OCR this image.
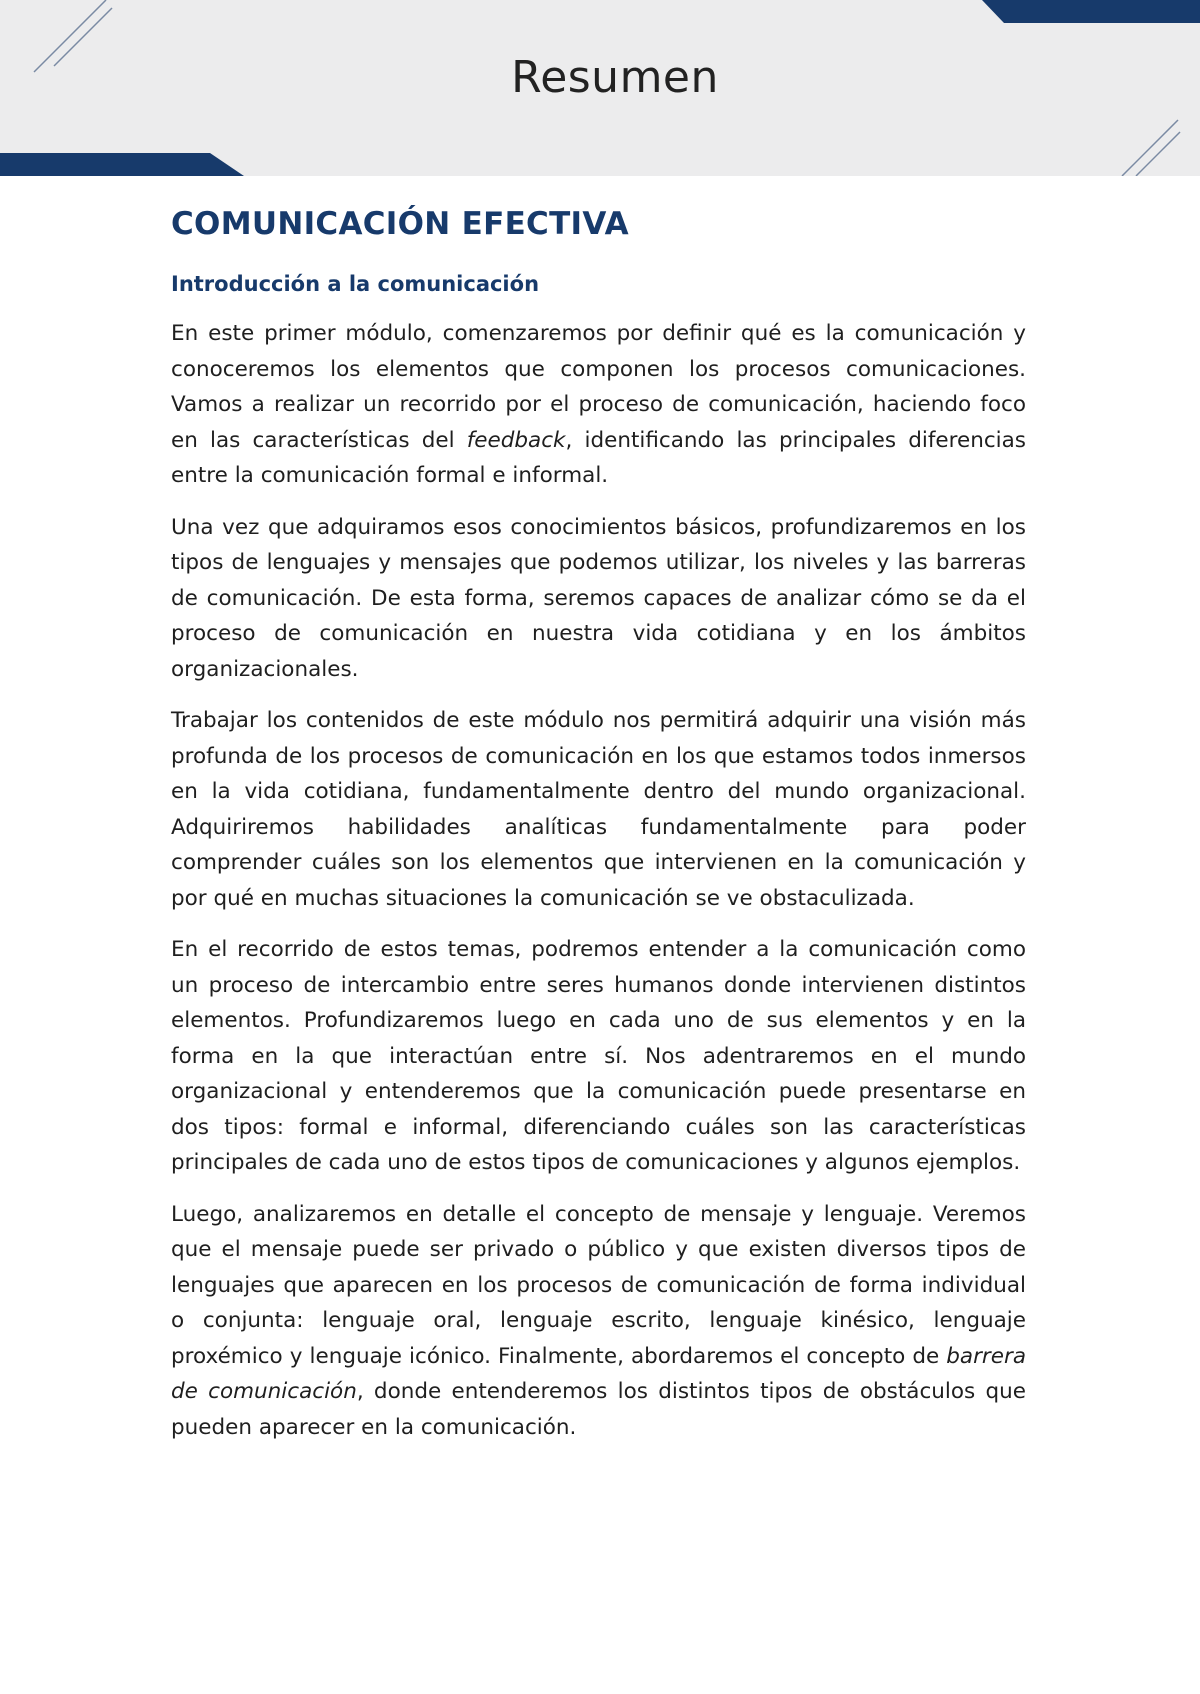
Resumen
COMUNICACIÓN EFECTIVA
Introducción a la comunicación

En este primer módulo, comenzaremos por definir qué es la comunicación y conoceremos los elementos que componen los procesos comunicaciones. Vamos a realizar un recorrido por el proceso de comunicación, haciendo foco en las características del feedback, identificando las principales diferencias entre la comunicación formal e informal.

Una vez que adquiramos esos conocimientos básicos, profundizaremos en los tipos de lenguajes y mensajes que podemos utilizar, los niveles y las barreras de comunicación. De esta forma, seremos capaces de analizar cómo se da el proceso de comunicación en nuestra vida cotidiana y en los ámbitos organizacionales.

Trabajar los contenidos de este módulo nos permitirá adquirir una visión más profunda de los procesos de comunicación en los que estamos todos inmersos en la vida cotidiana, fundamentalmente dentro del mundo organizacional. Adquiriremos habilidades analíticas fundamentalmente para poder comprender cuáles son los elementos que intervienen en la comunicación y por qué en muchas situaciones la comunicación se ve obstaculizada.

En el recorrido de estos temas, podremos entender a la comunicación como un proceso de intercambio entre seres humanos donde intervienen distintos elementos. Profundizaremos luego en cada uno de sus elementos y en la forma en la que interactúan entre sí. Nos adentraremos en el mundo organizacional y entenderemos que la comunicación puede presentarse en dos tipos: formal e informal, diferenciando cuáles son las características principales de cada uno de estos tipos de comunicaciones y algunos ejemplos.

Luego, analizaremos en detalle el concepto de mensaje y lenguaje. Veremos que el mensaje puede ser privado o público y que existen diversos tipos de lenguajes que aparecen en los procesos de comunicación de forma individual o conjunta: lenguaje oral, lenguaje escrito, lenguaje kinésico, lenguaje proxémico y lenguaje icónico. Finalmente, abordaremos el concepto de barrera de comunicación, donde entenderemos los distintos tipos de obstáculos que pueden aparecer en la comunicación.
